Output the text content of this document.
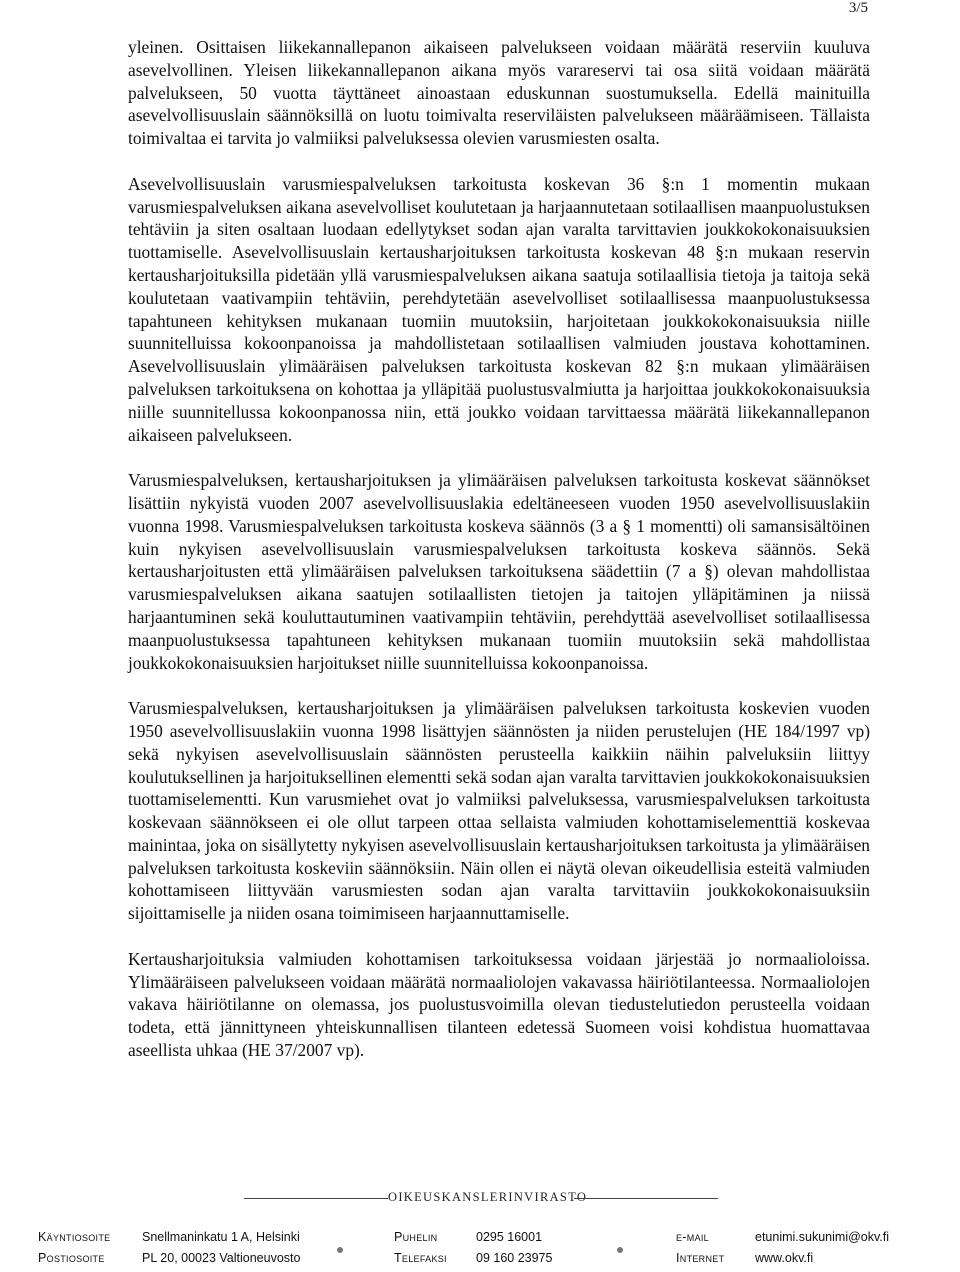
3/5

yleinen. Osittaisen liikekannallepanon aikaiseen palvelukseen voidaan määrätä reserviin kuuluva asevelvollinen. Yleisen liikekannallepanon aikana myös varareservi tai osa siitä voidaan määrätä palvelukseen, 50 vuotta täyttäneet ainoastaan eduskunnan suostumuksella. Edellä mainituilla asevelvollisuuslain säännöksillä on luotu toimivalta reserviläisten palvelukseen määräämiseen. Tällaista toimivaltaa ei tarvita jo valmiiksi palveluksessa olevien varusmiesten osalta.

Asevelvollisuuslain varusmiespalveluksen tarkoitusta koskevan 36 §:n 1 momentin mukaan varusmiespalveluksen aikana asevelvolliset koulutetaan ja harjaannutetaan sotilaallisen maanpuolustuksen tehtäviin ja siten osaltaan luodaan edellytykset sodan ajan varalta tarvittavien joukkokokonaisuuksien tuottamiselle. Asevelvollisuuslain kertausharjoituksen tarkoitusta koskevan 48 §:n mukaan reservin kertausharjoituksilla pidetään yllä varusmiespalveluksen aikana saatuja sotilaallisia tietoja ja taitoja sekä koulutetaan vaativampiin tehtäviin, perehdytetään asevelvolliset sotilaallisessa maanpuolustuksessa tapahtuneen kehityksen mukanaan tuomiin muutoksiin, harjoitetaan joukkokokonaisuuksia niille suunnitelluissa kokoonpanoissa ja mahdollistetaan sotilaallisen valmiuden joustava kohottaminen. Asevelvollisuuslain ylimääräisen palveluksen tarkoitusta koskevan 82 §:n mukaan ylimääräisen palveluksen tarkoituksena on kohottaa ja ylläpitää puolustusvalmiutta ja harjoittaa joukkokokonaisuuksia niille suunnitellussa kokoonpanossa niin, että joukko voidaan tarvittaessa määrätä liikekannallepanon aikaiseen palvelukseen.

Varusmiespalveluksen, kertausharjoituksen ja ylimääräisen palveluksen tarkoitusta koskevat säännökset lisättiin nykyistä vuoden 2007 asevelvollisuuslakia edeltäneeseen vuoden 1950 asevelvollisuuslakiin vuonna 1998. Varusmiespalveluksen tarkoitusta koskeva säännös (3 a § 1 momentti) oli samansisältöinen kuin nykyisen asevelvollisuuslain varusmiespalveluksen tarkoitusta koskeva säännös. Sekä kertausharjoitusten että ylimääräisen palveluksen tarkoituksena säädettiin (7 a §) olevan mahdollistaa varusmiespalveluksen aikana saatujen sotilaallisten tietojen ja taitojen ylläpitäminen ja niissä harjaantuminen sekä kouluttautuminen vaativampiin tehtäviin, perehdyttää asevelvolliset sotilaallisessa maanpuolustuksessa tapahtuneen kehityksen mukanaan tuomiin muutoksiin sekä mahdollistaa joukkokokonaisuuksien harjoitukset niille suunnitelluissa kokoonpanoissa.

Varusmiespalveluksen, kertausharjoituksen ja ylimääräisen palveluksen tarkoitusta koskevien vuoden 1950 asevelvollisuuslakiin vuonna 1998 lisättyjen säännösten ja niiden perustelujen (HE 184/1997 vp) sekä nykyisen asevelvollisuuslain säännösten perusteella kaikkiin näihin palveluksiin liittyy koulutuksellinen ja harjoituksellinen elementti sekä sodan ajan varalta tarvittavien joukkokokonaisuuksien tuottamiselementti. Kun varusmiehet ovat jo valmiiksi palveluksessa, varusmiespalveluksen tarkoitusta koskevaan säännökseen ei ole ollut tarpeen ottaa sellaista valmiuden kohottamiselementtiä koskevaa mainintaa, joka on sisällytetty nykyisen asevelvollisuuslain kertausharjoituksen tarkoitusta ja ylimääräisen palveluksen tarkoitusta koskeviin säännöksiin. Näin ollen ei näytä olevan oikeudellisia esteitä valmiuden kohottamiseen liittyvään varusmiesten sodan ajan varalta tarvittaviin joukkokokonaisuuksiin sijoittamiselle ja niiden osana toimimiseen harjaannuttamiselle.

Kertausharjoituksia valmiuden kohottamisen tarkoituksessa voidaan järjestää jo normaalioloissa. Ylimääräiseen palvelukseen voidaan määrätä normaaliolojen vakavassa häiriötilanteessa. Normaaliolojen vakava häiriötilanne on olemassa, jos puolustusvoimilla olevan tiedustelutiedon perusteella voidaan todeta, että jännittyneen yhteiskunnallisen tilanteen edetessä Suomeen voisi kohdistua huomattavaa aseellista uhkaa (HE 37/2007 vp).

OIKEUSKANSLERINVIRASTO
Käyntiosoite	Snellmaninkatu 1 A, Helsinki	Puhelin	0295 16001	e-mail	etunimi.sukunimi@okv.fi
Postiosoite	PL 20, 00023 Valtioneuvosto	Telefaksi 09 160 23975	Internet www.okv.fi
